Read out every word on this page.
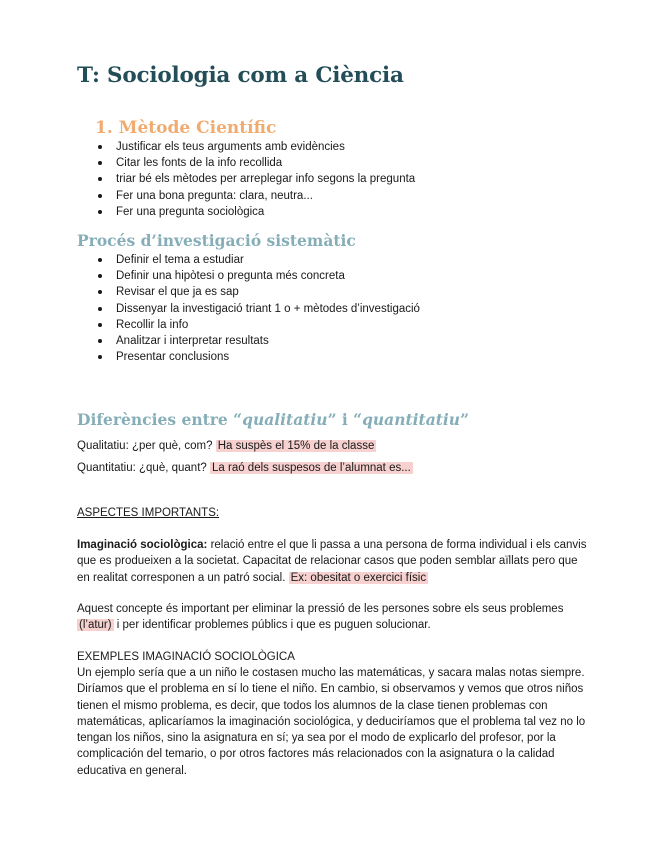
T: Sociologia com a Ciència
1. Mètode Científic
Justificar els teus arguments amb evidències
Citar les fonts de la info recollida
triar bé els mètodes per arreplegar info segons la pregunta
Fer una bona pregunta: clara, neutra...
Fer una pregunta sociològica
Procés d’investigació sistemàtic
Definir el tema a estudiar
Definir una hipòtesi o pregunta més concreta
Revisar el que ja es sap
Dissenyar la investigació triant 1 o + mètodes d’investigació
Recollir la info
Analitzar i interpretar resultats
Presentar conclusions
Diferències entre “qualitatiu” i “quantitatiu”

Qualitatiu: ¿per què, com? Ha suspès el 15% de la classe

Quantitatiu: ¿què, quant? La raó dels suspesos de l’alumnat es...

ASPECTES IMPORTANTS:

Imaginació sociològica: relació entre el que li passa a una persona de forma individual i els canvis
que es produeixen a la societat. Capacitat de relacionar casos que poden semblar aïllats pero que
en realitat corresponen a un patró social. Ex: obesitat o exercici físic
Aquest concepte és important per eliminar la pressió de les persones sobre els seus problemes
(l’atur) i per identificar problemes públics i que es puguen solucionar.

EXEMPLES IMAGINACIÓ SOCIOLÒGICA

Un ejemplo sería que a un niño le costasen mucho las matemáticas, y sacara malas notas siempre.
Diríamos que el problema en sí lo tiene el niño. En cambio, si observamos y vemos que otros niños
tienen el mismo problema, es decir, que todos los alumnos de la clase tienen problemas con
matemáticas, aplicaríamos la imaginación sociológica, y deduciríamos que el problema tal vez no lo
tengan los niños, sino la asignatura en sí; ya sea por el modo de explicarlo del profesor, por la
complicación del temario, o por otros factores más relacionados con la asignatura o la calidad
educativa en general.
